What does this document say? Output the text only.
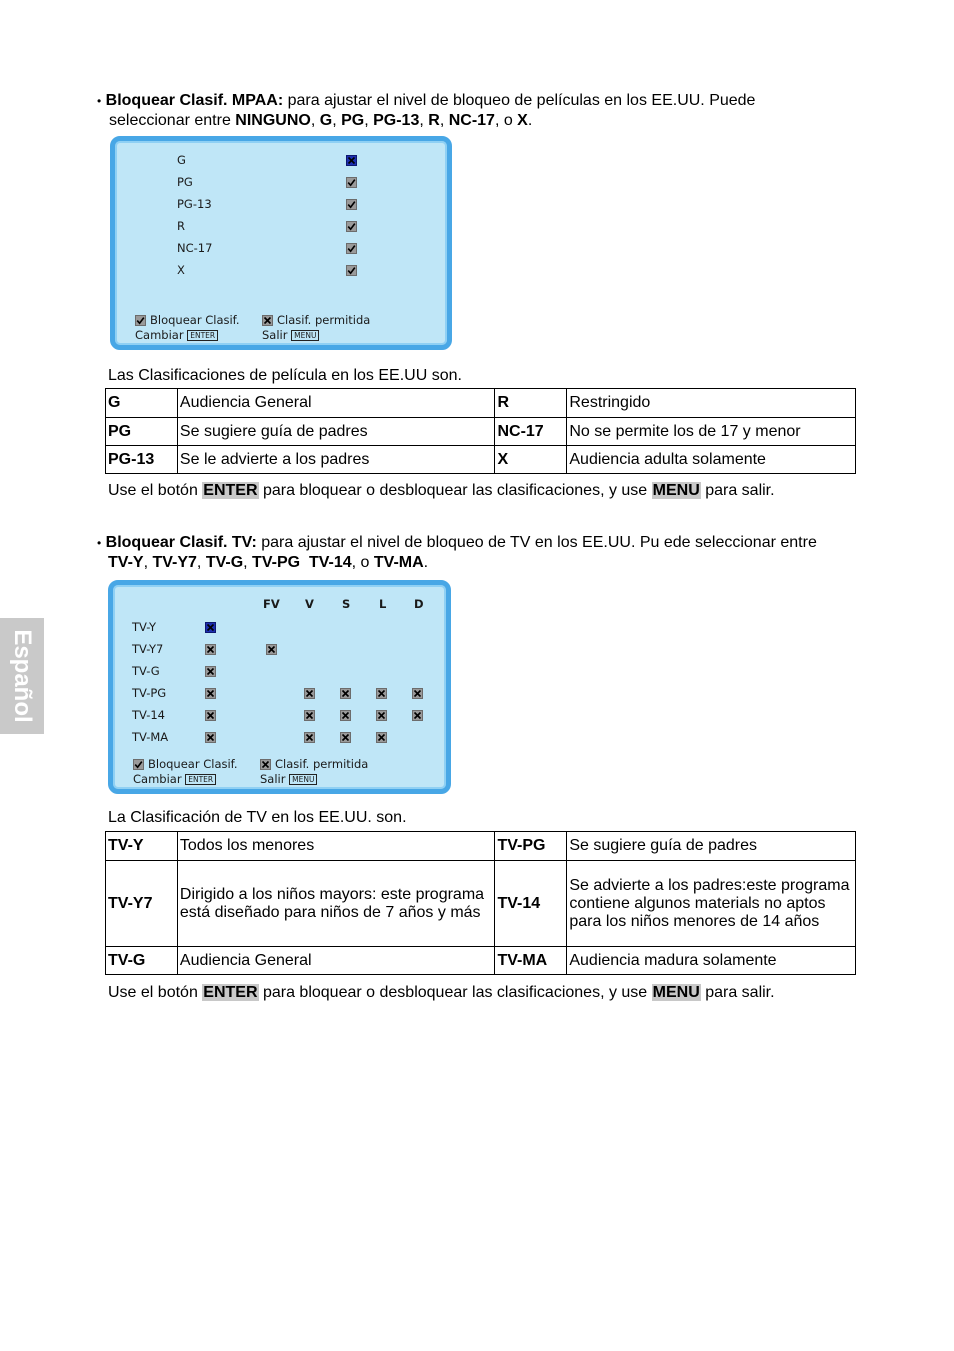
• Bloquear Clasif. MPAA: para ajustar el nivel de bloqueo de películas en los EE.UU. Puede
seleccionar entre NINGUNO, G, PG, PG-13, R, NC-17, o X.
G
PG
PG-13
R
NC-17
X
Bloquear Clasif.	Clasif. permitida
Cambiar ENTER	Salir MENU
Las Clasificaciones de película en los EE.UU son.
G	Audiencia General	R	Restringido
PG	Se sugiere guía de padres	NC-17	No se permite los de 17 y menor
PG-13	Se le advierte a los padres	X	Audiencia adulta solamente
Use el botón ENTER para bloquear o desbloquear las clasificaciones, y use MENU para salir.
• Bloquear Clasif. TV: para ajustar el nivel de bloqueo de TV en los EE.UU. Pu ede seleccionar entre
TV-Y, TV-Y7, TV-G, TV-PG TV-14, o TV-MA.
FV V S L D
TV-Y
TV-Y7
TV-G
TV-PG
TV-14
TV-MA
Bloquear Clasif.	Clasif. permitida
Cambiar ENTER	Salir MENU
La Clasificación de TV en los EE.UU. son.
TV-Y	Todos los menores	TV-PG	Se sugiere guía de padres
TV-Y7	Dirigido a los niños mayors: este programa está diseñado para niños de 7 años y más	TV-14	Se advierte a los padres:este programa contiene algunos materials no aptos para los niños menores de 14 años
TV-G	Audiencia General	TV-MA	Audiencia madura solamente
Use el botón ENTER para bloquear o desbloquear las clasificaciones, y use MENU para salir.
Español
